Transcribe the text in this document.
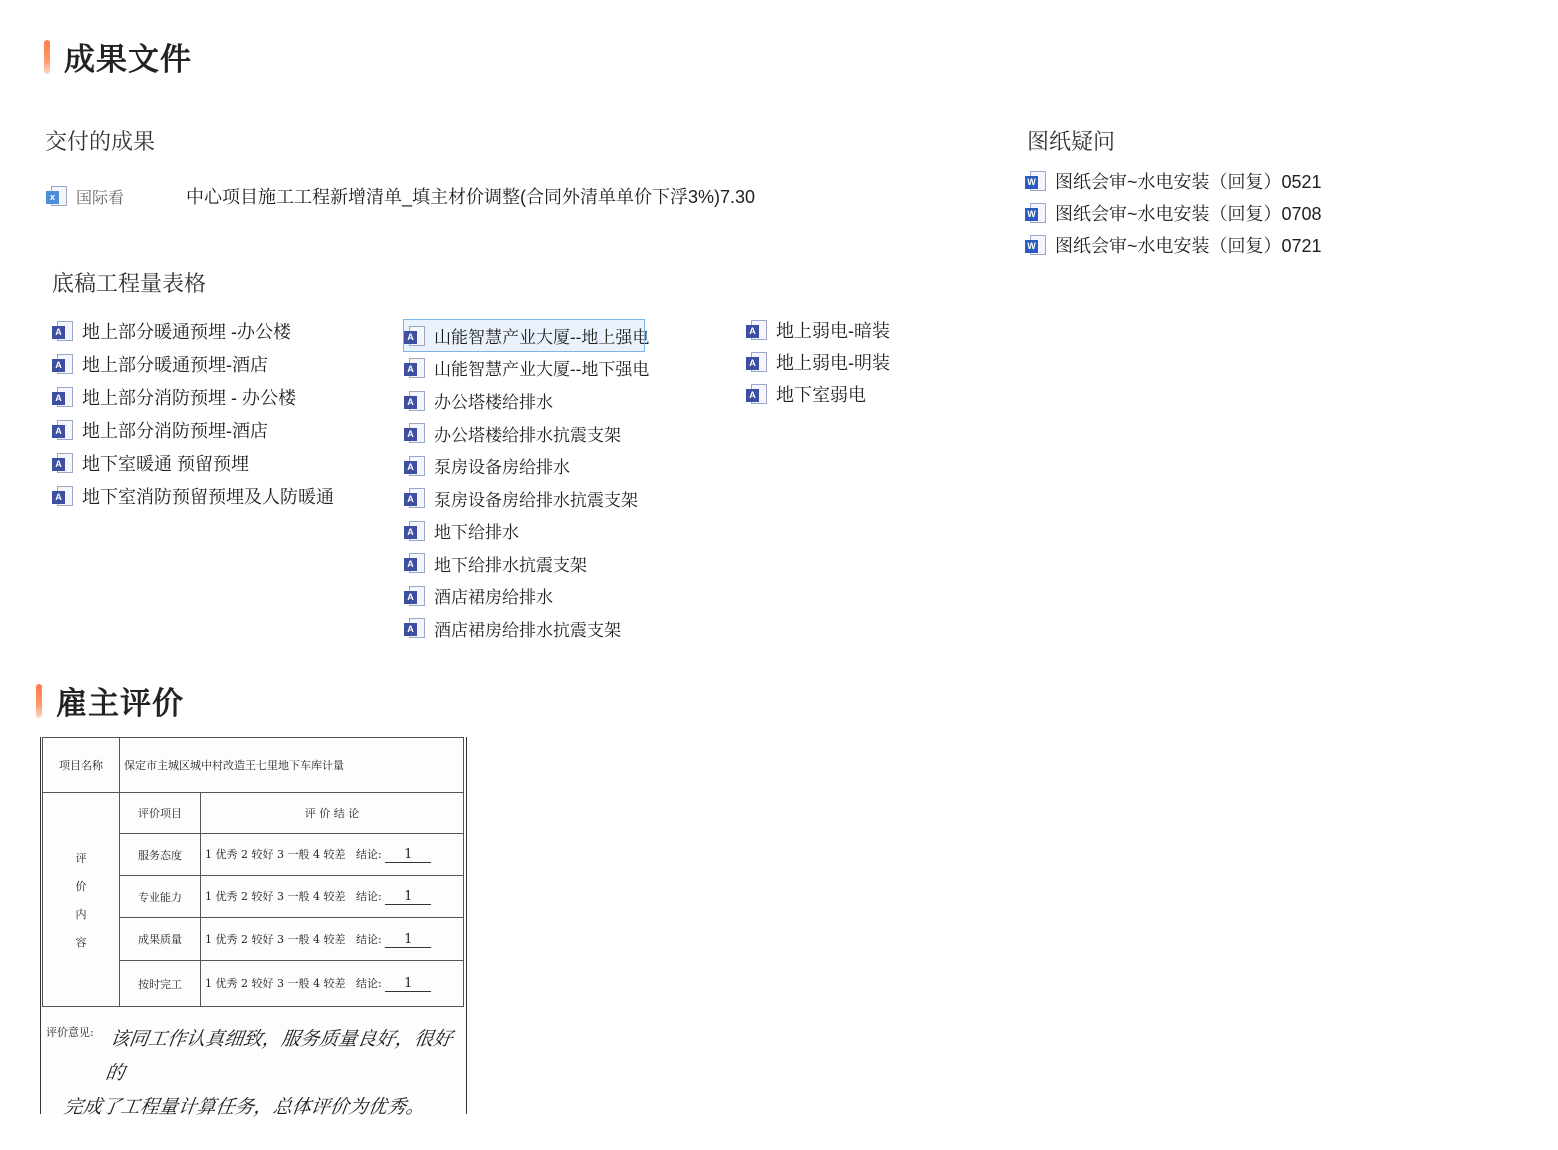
成果文件
交付的成果
x 国际看	中心项目施工工程新增清单_填主材价调整(合同外清单单价下浮3%)7.30
图纸疑问
W 图纸会审~水电安装（回复）0521
W 图纸会审~水电安装（回复）0708
W 图纸会审~水电安装（回复）0721
底稿工程量表格
A 地上部分暖通预埋 -办公楼
A 地上部分暖通预埋-酒店
A 地上部分消防预埋 - 办公楼
A 地上部分消防预埋-酒店
A 地下室暖通 预留预埋
A 地下室消防预留预埋及人防暖通
A 山能智慧产业大厦--地上强电
A 山能智慧产业大厦--地下强电
A 办公塔楼给排水
A 办公塔楼给排水抗震支架
A 泵房设备房给排水
A 泵房设备房给排水抗震支架
A 地下给排水
A 地下给排水抗震支架
A 酒店裙房给排水
A 酒店裙房给排水抗震支架
A 地上弱电-暗装
A 地上弱电-明装
A 地下室弱电
雇主评价
项目名称	保定市主城区城中村改造王七里地下车库计量	

评
价
内
容	评价项目	评 价 结 论
	服务态度	1 优秀 2 较好 3 一般 4 较差 结论: 1
	专业能力	1 优秀 2 较好 3 一般 4 较差 结论: 1
	成果质量	1 优秀 2 较好 3 一般 4 较差 结论: 1
	按时完工	1 优秀 2 较好 3 一般 4 较差 结论: 1
评价意见: 该同工作认真细致，服务质量良好，很好的
完成了工程量计算任务，总体评价为优秀。
